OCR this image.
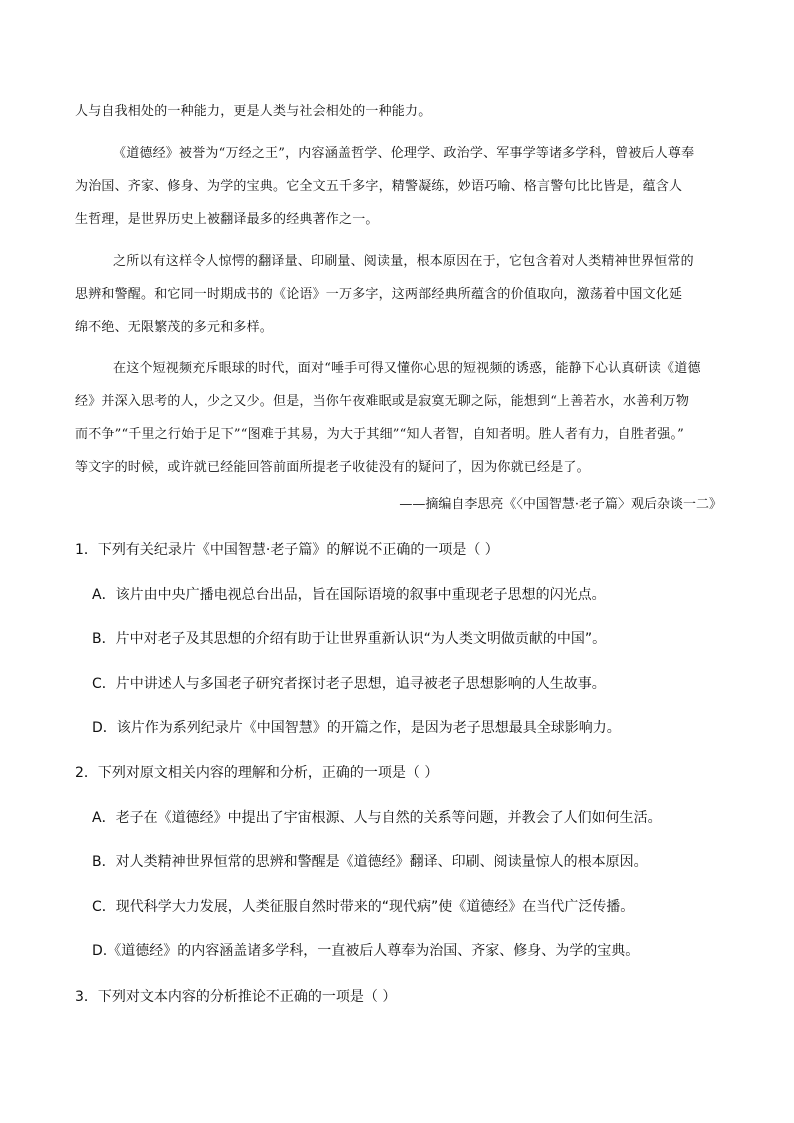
人与自我相处的一种能力，更是人类与社会相处的一种能力。

《道德经》被誉为“万经之王”，内容涵盖哲学、伦理学、政治学、军事学等诸多学科，曾被后人尊奉
为治国、齐家、修身、为学的宝典。它全文五千多字，精警凝练，妙语巧喻、格言警句比比皆是，蕴含人
生哲理，是世界历史上被翻译最多的经典著作之一。

之所以有这样令人惊愕的翻译量、印刷量、阅读量，根本原因在于，它包含着对人类精神世界恒常的
思辨和警醒。和它同一时期成书的《论语》一万多字，这两部经典所蕴含的价值取向，激荡着中国文化延
绵不绝、无限繁茂的多元和多样。

在这个短视频充斥眼球的时代，面对“唾手可得又懂你心思的短视频的诱惑，能静下心认真研读《道德
经》并深入思考的人，少之又少。但是，当你午夜难眠或是寂寞无聊之际，能想到“上善若水，水善利万物
而不争”“千里之行始于足下”“图难于其易，为大于其细”“知人者智，自知者明。胜人者有力，自胜者强。”
等文字的时候，或许就已经能回答前面所提老子收徒没有的疑问了，因为你就已经是了。

——摘编自李思亮《〈中国智慧·老子篇〉观后杂谈一二》
1．下列有关纪录片《中国智慧·老子篇》的解说不正确的一项是（ ）
A．该片由中央广播电视总台出品，旨在国际语境的叙事中重现老子思想的闪光点。
B．片中对老子及其思想的介绍有助于让世界重新认识“为人类文明做贡献的中国”。
C．片中讲述人与多国老子研究者探讨老子思想，追寻被老子思想影响的人生故事。
D．该片作为系列纪录片《中国智慧》的开篇之作，是因为老子思想最具全球影响力。
2．下列对原文相关内容的理解和分析，正确的一项是（ ）
A．老子在《道德经》中提出了宇宙根源、人与自然的关系等问题，并教会了人们如何生活。
B．对人类精神世界恒常的思辨和警醒是《道德经》翻译、印刷、阅读量惊人的根本原因。
C．现代科学大力发展，人类征服自然时带来的“现代病”使《道德经》在当代广泛传播。
D.《道德经》的内容涵盖诸多学科，一直被后人尊奉为治国、齐家、修身、为学的宝典。
3．下列对文本内容的分析推论不正确的一项是（ ）
